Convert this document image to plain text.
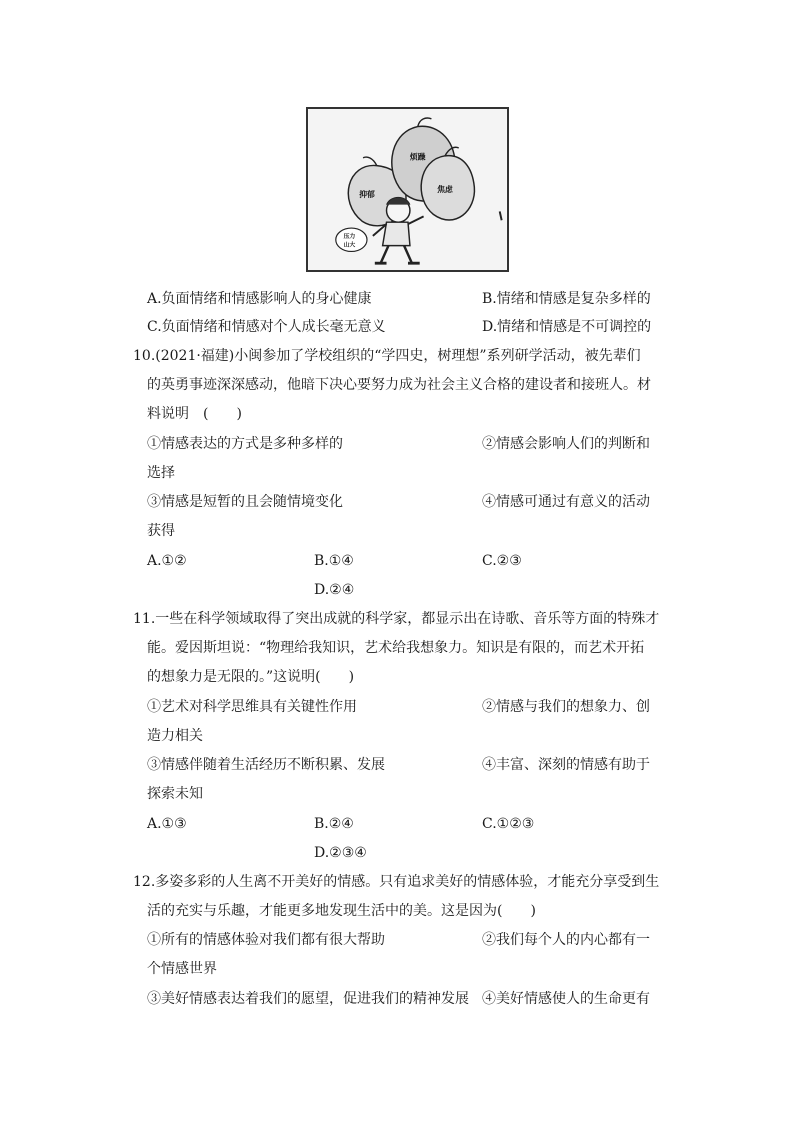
烦躁
抑郁
焦虑
压力
山大
A.负面情绪和情感影响人的身心健康	B.情绪和情感是复杂多样的
C.负面情绪和情感对个人成长毫无意义	D.情绪和情感是不可调控的
10.(2021·福建)小闽参加了学校组织的“学四史，树理想”系列研学活动，被先辈们
的英勇事迹深深感动，他暗下决心要努力成为社会主义合格的建设者和接班人。材
料说明　(　　)
①情感表达的方式是多种多样的	②情感会影响人们的判断和
选择
③情感是短暂的且会随情境变化	④情感可通过有意义的活动
获得
A.①②	B.①④	C.②③
D.②④
11.一些在科学领域取得了突出成就的科学家，都显示出在诗歌、音乐等方面的特殊才
能。爱因斯坦说：“物理给我知识，艺术给我想象力。知识是有限的，而艺术开拓
的想象力是无限的。”这说明(　　)
①艺术对科学思维具有关键性作用	②情感与我们的想象力、创
造力相关
③情感伴随着生活经历不断积累、发展	④丰富、深刻的情感有助于
探索未知
A.①③	B.②④	C.①②③
D.②③④
12.多姿多彩的人生离不开美好的情感。只有追求美好的情感体验，才能充分享受到生
活的充实与乐趣，才能更多地发现生活中的美。这是因为(　　)
①所有的情感体验对我们都有很大帮助	②我们每个人的内心都有一
个情感世界
③美好情感表达着我们的愿望，促进我们的精神发展 ④美好情感使人的生命更有
